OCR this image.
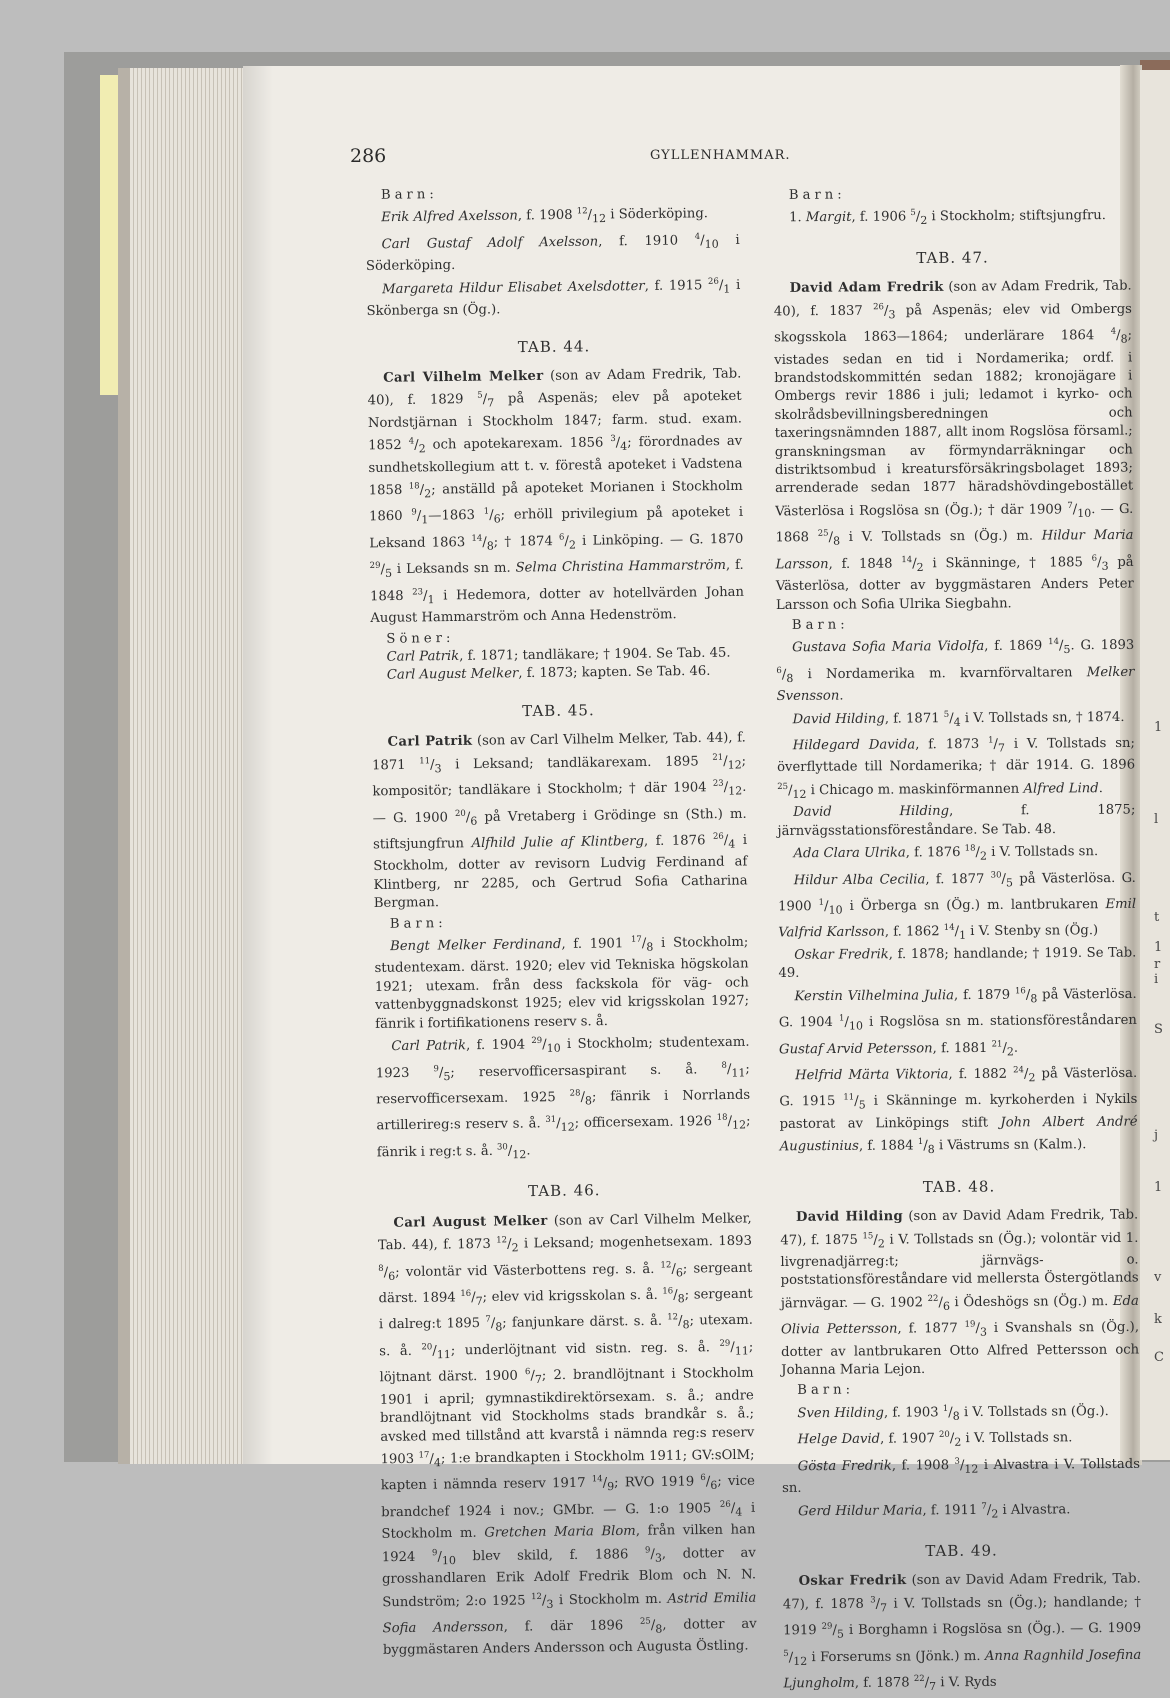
1
l
t
1
r
i
S
j
1
v
k
C
286	GYLLENHAMMAR.
Barn:

Erik Alfred Axelsson, f. 1908 $^{12}/_{12}$ i Söderköping.

Carl Gustaf Adolf Axelsson, f. 1910 $^4/_{10}$ i Söderköping.

Margareta Hildur Elisabet Axelsdotter, f. 1915 $^{26}/_1$ i Skönberga sn (Ög.).

TAB. 44.

Carl Vilhelm Melker (son av Adam Fredrik, Tab. 40), f. 1829 $^5/_7$ på Aspenäs; elev på apoteket Nordstjärnan i Stockholm 1847; farm. stud. exam. 1852 $^4/_2$ och apotekarexam. 1856 $^3/_4$; förordnades av sundhetskollegium att t. v. förestå apoteket i Vadstena 1858 $^{18}/_2$; anställd på apoteket Morianen i Stockholm 1860 $^9/_1—1863$ $^1/_6$; erhöll privilegium på apoteket i Leksand 1863 $^{14}/_8$; † 1874 $^6/_2$ i Linköping. — G. 1870 $^{29}/_5$ i Leksands sn m. Selma Christina Hammarström, f. 1848 $^{23}/_1$ i Hedemora, dotter av hotellvärden Johan August Hammarström och Anna Hedenström.

Söner:

Carl Patrik, f. 1871; tandläkare; † 1904. Se Tab. 45.

Carl August Melker, f. 1873; kapten. Se Tab. 46.

TAB. 45.

Carl Patrik (son av Carl Vilhelm Melker, Tab. 44), f. 1871 $^{11}/_3$ i Leksand; tandläkarexam. 1895 $^{21}/_{12}$; kompositör; tandläkare i Stockholm; † där 1904 $^{23}/_{12}$. — G. 1900 $^{20}/_6$ på Vretaberg i Grödinge sn (Sth.) m. stiftsjungfrun Alfhild Julie af Klintberg, f. 1876 $^{26}/_4$ i Stockholm, dotter av revisorn Ludvig Ferdinand af Klintberg, nr 2285, och Gertrud Sofia Catharina Bergman.

Barn:

Bengt Melker Ferdinand, f. 1901 $^{17}/_8$ i Stockholm; studentexam. därst. 1920; elev vid Tekniska högskolan 1921; utexam. från dess fackskola för väg- och vattenbyggnadskonst 1925; elev vid krigsskolan 1927; fänrik i fortifikationens reserv s. å.

Carl Patrik, f. 1904 $^{29}/_{10}$ i Stockholm; studentexam. 1923 $^9/_5$; reservofficersaspirant s. å. $^8/_{11}$; reservofficersexam. 1925 $^{28}/_8$; fänrik i Norrlands artillerireg:s reserv s. å. $^{31}/_{12}$; officersexam. 1926 $^{18}/_{12}$; fänrik i reg:t s. å. $^{30}/_{12}$.

TAB. 46.

Carl August Melker (son av Carl Vilhelm Melker, Tab. 44), f. 1873 $^{12}/_2$ i Leksand; mogenhetsexam. 1893 $^8/_6$; volontär vid Västerbottens reg. s. å. $^{12}/_6$; sergeant därst. 1894 $^{16}/_7$; elev vid krigsskolan s. å. $^{16}/_8$; sergeant i dalreg:t 1895 $^7/_8$; fanjunkare därst. s. å. $^{12}/_8$; utexam. s. å. $^{20}/_{11}$; underlöjtnant vid sistn. reg. s. å. $^{29}/_{11}$; löjtnant därst. 1900 $^6/_7$; 2. brandlöjtnant i Stockholm 1901 i april; gymnastikdirektörsexam. s. å.; andre brandlöjtnant vid Stockholms stads brandkår s. å.; avsked med tillstånd att kvarstå i nämnda reg:s reserv 1903 $^{17}/_4$; 1:e brandkapten i Stockholm 1911; GV:sOlM; kapten i nämnda reserv 1917 $^{14}/_9$; RVO 1919 $^6/_6$; vice brandchef 1924 i nov.; GMbr. — G. 1:o 1905 $^{26}/_4$ i Stockholm m. Gretchen Maria Blom, från vilken han 1924 $^9/_{10}$ blev skild, f. 1886 $^9/_3$, dotter av grosshandlaren Erik Adolf Fredrik Blom och N. N. Sundström; 2:o 1925 $^{12}/_3$ i Stockholm m. Astrid Emilia Sofia Andersson, f. där 1896 $^{25}/_8$, dotter av byggmästaren Anders Andersson och Augusta Östling.

Barn:

1. Margit, f. 1906 $^5/_2$ i Stockholm; stiftsjungfru.

TAB. 47.

David Adam Fredrik (son av Adam Fredrik, Tab. 40), f. 1837 $^{26}/_3$ på Aspenäs; elev vid Ombergs skogsskola 1863—1864; underlärare 1864 $^4/_8$; vistades sedan en tid i Nordamerika; ordf. i brandstodskommittén sedan 1882; kronojägare i Ombergs revir 1886 i juli; ledamot i kyrko- och skolrådsbevillningsberedningen och taxeringsnämnden 1887, allt inom Rogslösa församl.; granskningsman av förmyndarräkningar och distriktsombud i kreatursförsäkringsbolaget 1893; arrenderade sedan 1877 häradshövdingebostället Västerlösa i Rogslösa sn (Ög.); † där 1909 $^7/_{10}$. — G. 1868 $^{25}/_8$ i V. Tollstads sn (Ög.) m. Hildur Maria Larsson, f. 1848 $^{14}/_2$ i Skänninge, † 1885 $^6/_3$ på Västerlösa, dotter av byggmästaren Anders Peter Larsson och Sofia Ulrika Siegbahn.

Barn:

Gustava Sofia Maria Vidolfa, f. 1869 $^{14}/_5$. G. 1893 $^6/_8$ i Nordamerika m. kvarnförvaltaren Melker Svensson.

David Hilding, f. 1871 $^5/_4$ i V. Tollstads sn, † 1874.

Hildegard Davida, f. 1873 $^1/_7$ i V. Tollstads sn; överflyttade till Nordamerika; † där 1914. G. 1896 $^{25}/_{12}$ i Chicago m. maskinförmannen Alfred Lind.

David Hilding, f. 1875; järnvägsstationsföreståndare. Se Tab. 48.

Ada Clara Ulrika, f. 1876 $^{18}/_2$ i V. Tollstads sn.

Hildur Alba Cecilia, f. 1877 $^{30}/_5$ på Västerlösa. G. 1900 $^1/_{10}$ i Örberga sn (Ög.) m. lantbrukaren Emil Valfrid Karlsson, f. 1862 $^{14}/_1$ i V. Stenby sn (Ög.)

Oskar Fredrik, f. 1878; handlande; † 1919. Se Tab. 49.

Kerstin Vilhelmina Julia, f. 1879 $^{16}/_8$ på Västerlösa. G. 1904 $^1/_{10}$ i Rogslösa sn m. stationsföreståndaren Gustaf Arvid Petersson, f. 1881 $^{21}/_2$.

Helfrid Märta Viktoria, f. 1882 $^{24}/_2$ på Västerlösa. G. 1915 $^{11}/_5$ i Skänninge m. kyrkoherden i Nykils pastorat av Linköpings stift John Albert André Augustinius, f. 1884 $^1/_8$ i Västrums sn (Kalm.).

TAB. 48.

David Hilding (son av David Adam Fredrik, Tab. 47), f. 1875 $^{15}/_2$ i V. Tollstads sn (Ög.); volontär vid 1. livgrenadjärreg:t; järnvägs- o. poststationsföreståndare vid mellersta Östergötlands järnvägar. — G. 1902 $^{22}/_6$ i Ödeshögs sn (Ög.) m. Eda Olivia Pettersson, f. 1877 $^{19}/_3$ i Svanshals sn (Ög.), dotter av lantbrukaren Otto Alfred Pettersson och Johanna Maria Lejon.

Barn:

Sven Hilding, f. 1903 $^1/_8$ i V. Tollstads sn (Ög.).

Helge David, f. 1907 $^{20}/_2$ i V. Tollstads sn.

Gösta Fredrik, f. 1908 $^3/_{12}$ i Alvastra i V. Tollstads sn.

Gerd Hildur Maria, f. 1911 $^7/_2$ i Alvastra.

TAB. 49.

Oskar Fredrik (son av David Adam Fredrik, Tab. 47), f. 1878 $^3/_7$ i V. Tollstads sn (Ög.); handlande; † 1919 $^{29}/_5$ i Borghamn i Rogslösa sn (Ög.). — G. 1909 $^5/_{12}$ i Forserums sn (Jönk.) m. Anna Ragnhild Josefina Ljungholm, f. 1878 $^{22}/_7$ i V. Ryds
